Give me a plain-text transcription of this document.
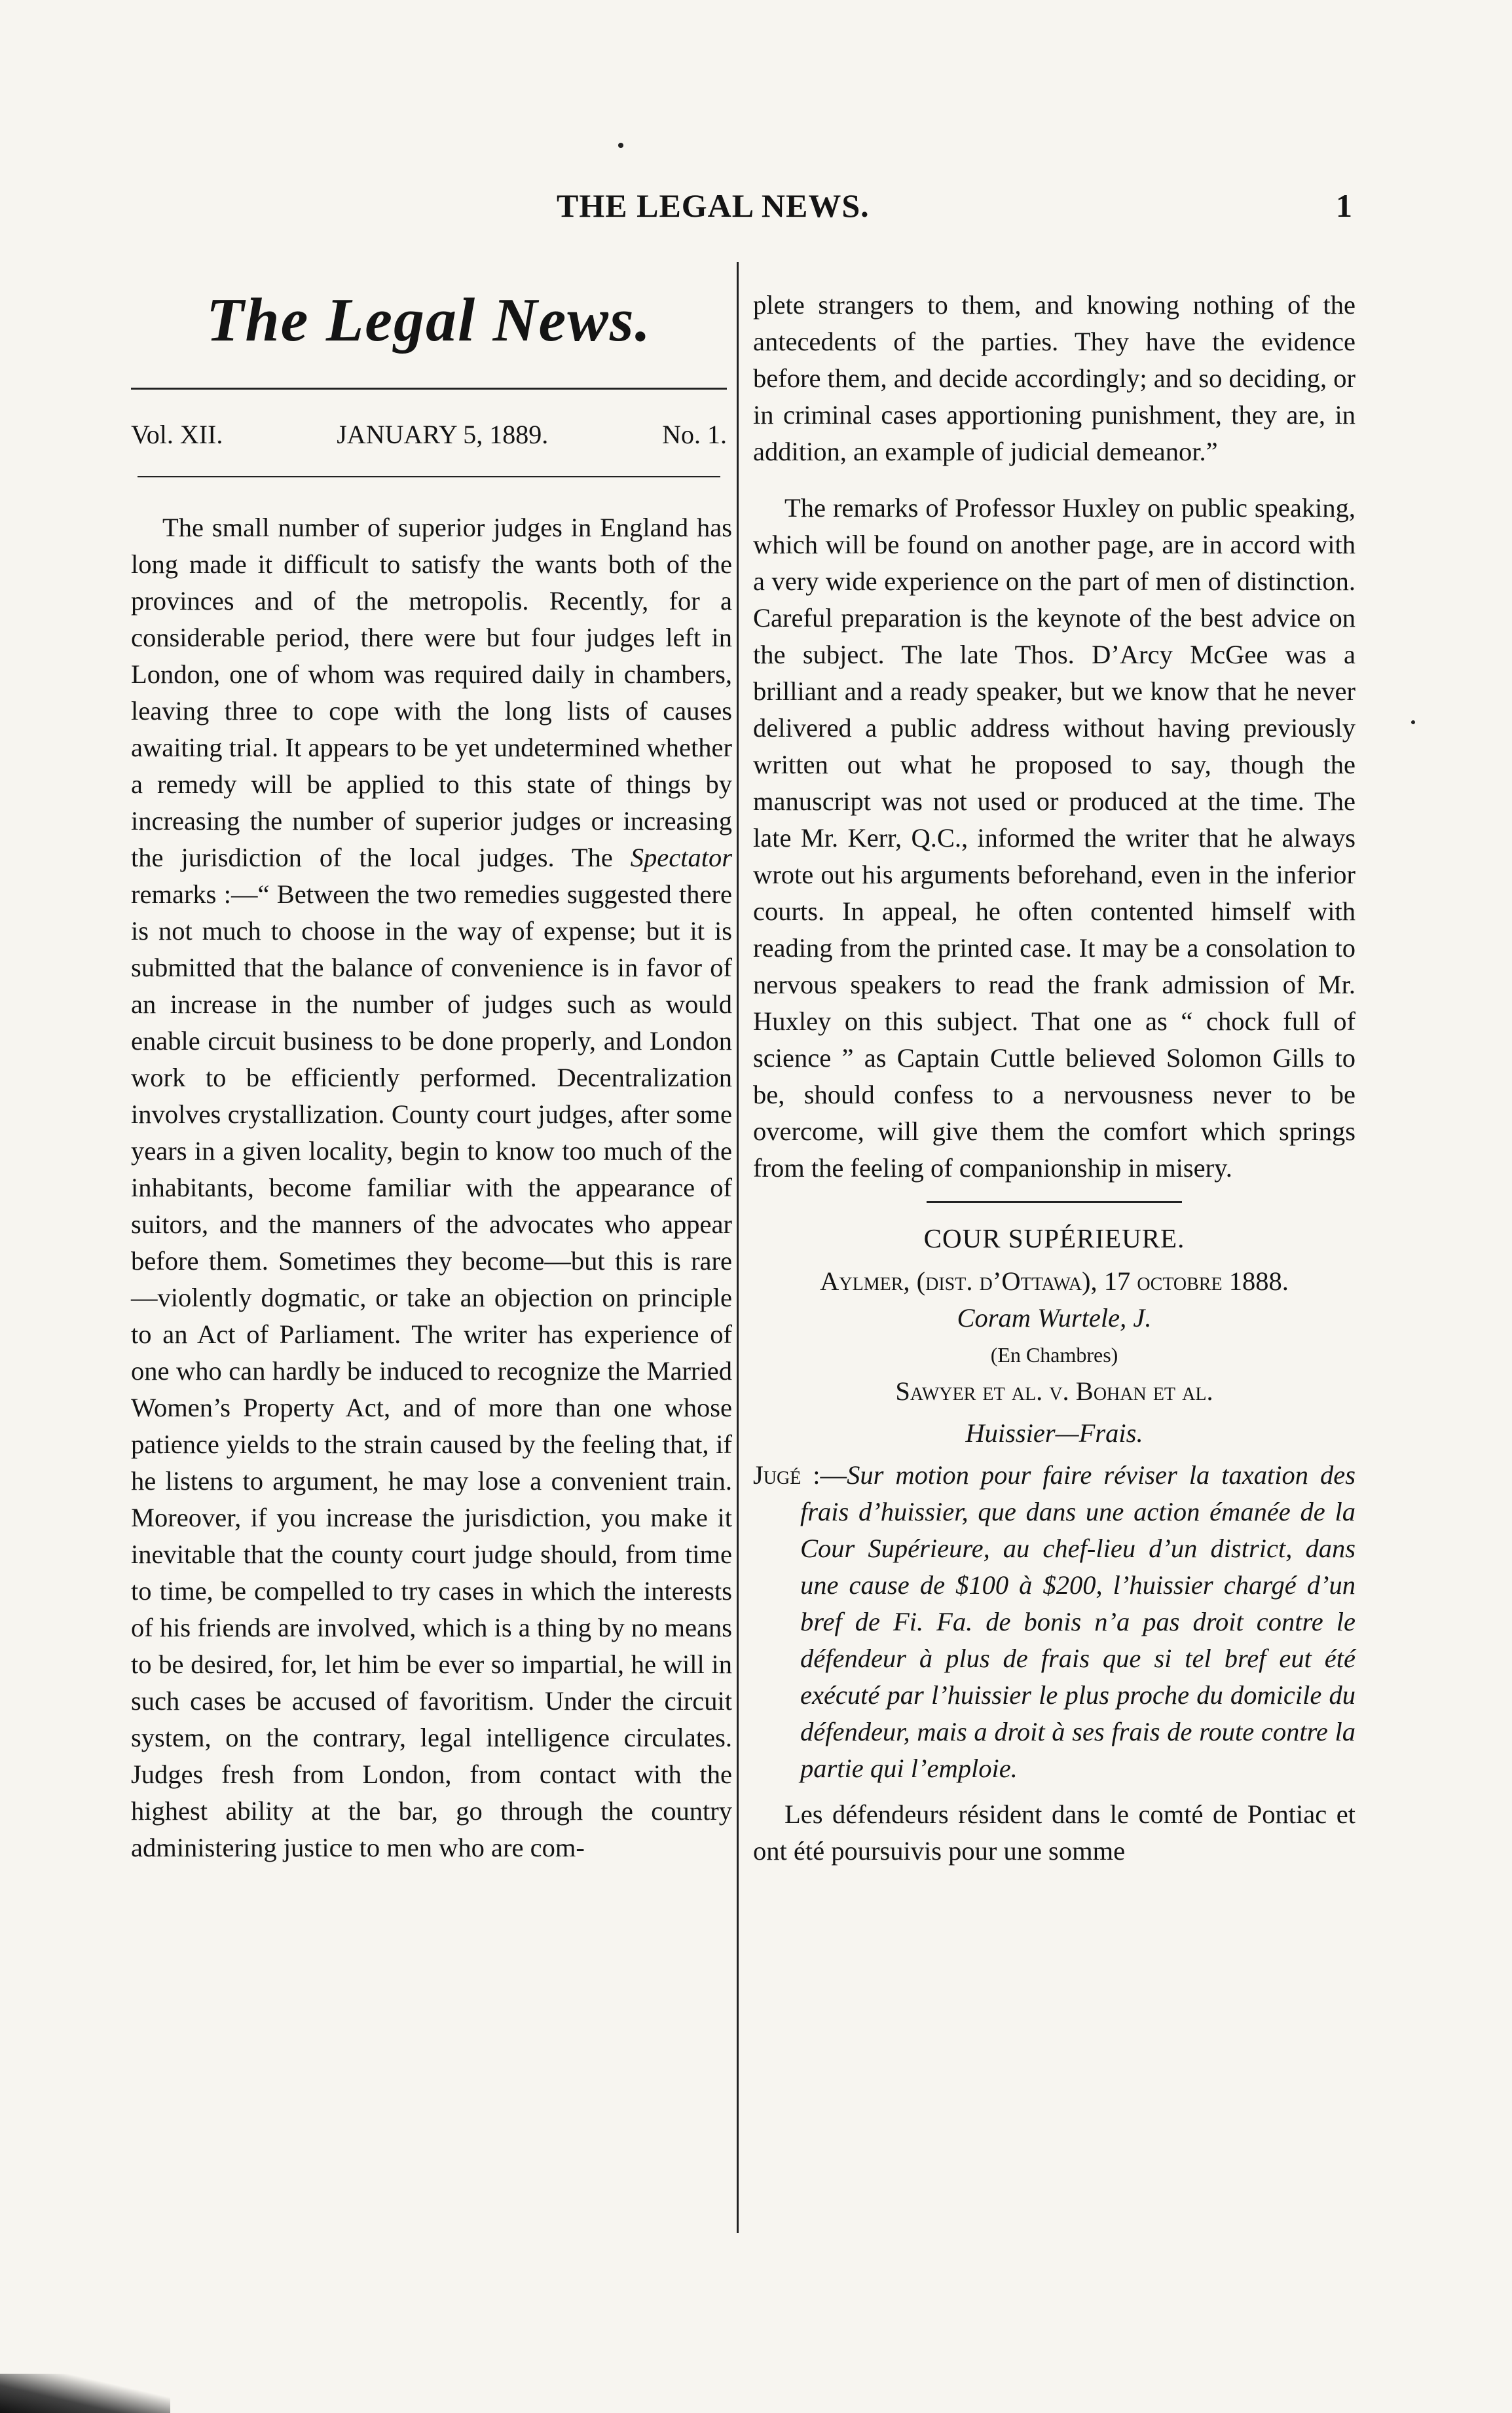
THE LEGAL NEWS.	1
The Legal News.
Vol. XII.	JANUARY 5, 1889.	No. 1.

The small number of superior judges in England has long made it difficult to satisfy the wants both of the provinces and of the metropolis. Recently, for a considerable period, there were but four judges left in London, one of whom was required daily in chambers, leaving three to cope with the long lists of causes awaiting trial. It appears to be yet undetermined whether a remedy will be applied to this state of things by increasing the number of superior judges or increasing the jurisdiction of the local judges. The Spectator remarks :—“ Between the two remedies suggested there is not much to choose in the way of expense; but it is submitted that the balance of convenience is in favor of an increase in the number of judges such as would enable circuit business to be done properly, and London work to be efficiently performed. Decentralization involves crystallization. County court judges, after some years in a given locality, begin to know too much of the inhabitants, become familiar with the appearance of suitors, and the manners of the advocates who appear before them. Sometimes they become—but this is rare—violently dogmatic, or take an objection on principle to an Act of Parliament. The writer has experience of one who can hardly be induced to recognize the Married Women’s Property Act, and of more than one whose patience yields to the strain caused by the feeling that, if he listens to argument, he may lose a convenient train. Moreover, if you increase the jurisdiction, you make it inevitable that the county court judge should, from time to time, be compelled to try cases in which the interests of his friends are involved, which is a thing by no means to be desired, for, let him be ever so impartial, he will in such cases be accused of favoritism. Under the circuit system, on the contrary, legal intelligence circulates. Judges fresh from London, from contact with the highest ability at the bar, go through the country administering justice to men who are com-

plete strangers to them, and knowing nothing of the antecedents of the parties. They have the evidence before them, and decide accordingly; and so deciding, or in criminal cases apportioning punishment, they are, in addition, an example of judicial demeanor.”

The remarks of Professor Huxley on public speaking, which will be found on another page, are in accord with a very wide experience on the part of men of distinction. Careful preparation is the keynote of the best advice on the subject. The late Thos. D’Arcy McGee was a brilliant and a ready speaker, but we know that he never delivered a public address without having previously written out what he proposed to say, though the manuscript was not used or produced at the time. The late Mr. Kerr, Q.C., informed the writer that he always wrote out his arguments beforehand, even in the inferior courts. In appeal, he often contented himself with reading from the printed case. It may be a consolation to nervous speakers to read the frank admission of Mr. Huxley on this subject. That one as “ chock full of science ” as Captain Cuttle believed Solomon Gills to be, should confess to a nervousness never to be overcome, will give them the comfort which springs from the feeling of companionship in misery.

COUR SUPÉRIEURE.
Aylmer, (dist. d’Ottawa), 17 octobre 1888.
Coram Wurtele, J.
(En Chambres)
Sawyer et al. v. Bohan et al.
Huissier—Frais.

Jugé :—Sur motion pour faire réviser la taxation des frais d’huissier, que dans une action émanée de la Cour Supérieure, au chef-lieu d’un district, dans une cause de $100 à $200, l’huissier chargé d’un bref de Fi. Fa. de bonis n’a pas droit contre le défendeur à plus de frais que si tel bref eut été exécuté par l’huissier le plus proche du domicile du défendeur, mais a droit à ses frais de route contre la partie qui l’emploie.

Les défendeurs résident dans le comté de Pontiac et ont été poursuivis pour une somme
